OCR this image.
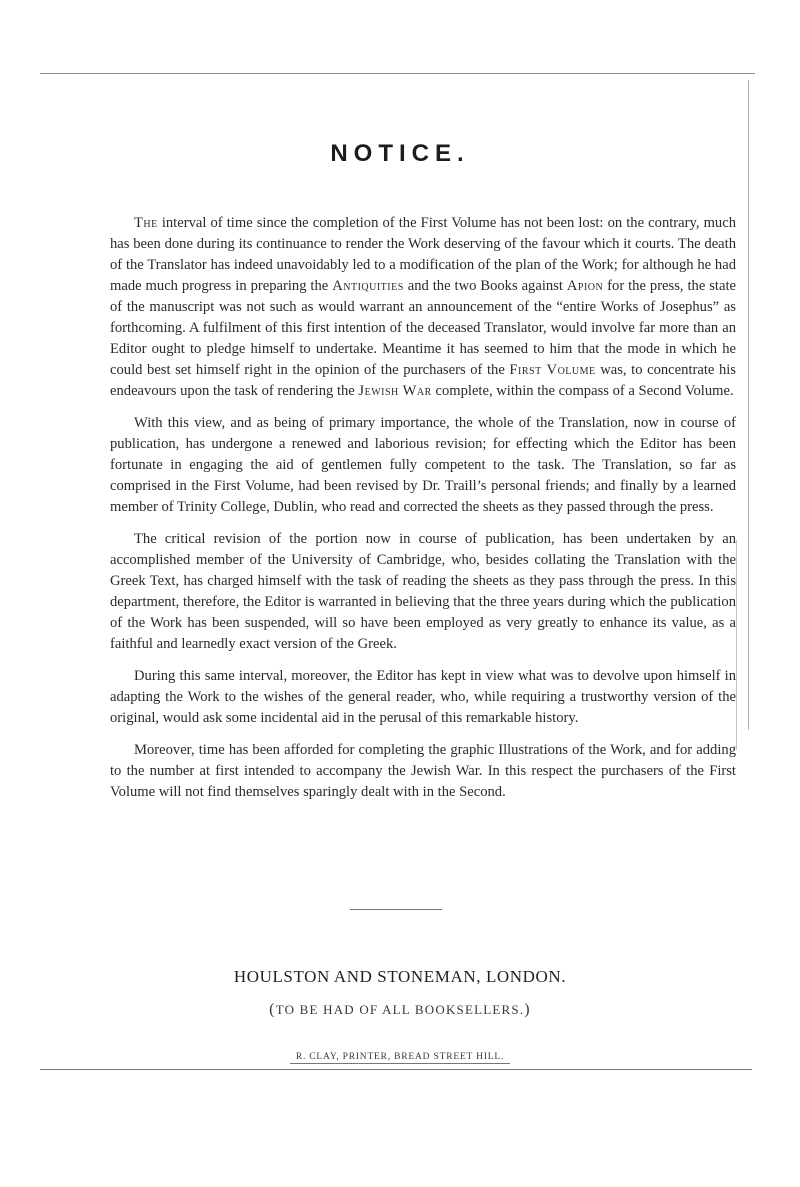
NOTICE.

The interval of time since the completion of the First Volume has not been lost: on the contrary, much has been done during its continuance to render the Work deserving of the favour which it courts. The death of the Translator has indeed unavoidably led to a modification of the plan of the Work; for although he had made much progress in preparing the Antiquities and the two Books against Apion for the press, the state of the manuscript was not such as would warrant an announcement of the “entire Works of Josephus” as forthcoming. A fulfilment of this first intention of the deceased Translator, would involve far more than an Editor ought to pledge himself to undertake. Meantime it has seemed to him that the mode in which he could best set himself right in the opinion of the purchasers of the First Volume was, to concentrate his endeavours upon the task of rendering the Jewish War complete, within the compass of a Second Volume.

With this view, and as being of primary importance, the whole of the Translation, now in course of publication, has undergone a renewed and laborious revision; for effecting which the Editor has been fortunate in engaging the aid of gentlemen fully competent to the task. The Translation, so far as comprised in the First Volume, had been revised by Dr. Traill’s personal friends; and finally by a learned member of Trinity College, Dublin, who read and corrected the sheets as they passed through the press.

The critical revision of the portion now in course of publication, has been undertaken by an accomplished member of the University of Cambridge, who, besides collating the Translation with the Greek Text, has charged himself with the task of reading the sheets as they pass through the press. In this department, therefore, the Editor is warranted in believing that the three years during which the publication of the Work has been suspended, will so have been employed as very greatly to enhance its value, as a faithful and learnedly exact version of the Greek.

During this same interval, moreover, the Editor has kept in view what was to devolve upon himself in adapting the Work to the wishes of the general reader, who, while requiring a trustworthy version of the original, would ask some incidental aid in the perusal of this remarkable history.

Moreover, time has been afforded for completing the graphic Illustrations of the Work, and for adding to the number at first intended to accompany the Jewish War. In this respect the purchasers of the First Volume will not find themselves sparingly dealt with in the Second.

HOULSTON AND STONEMAN, LONDON.
(TO BE HAD OF ALL BOOKSELLERS.)
R. CLAY, PRINTER, BREAD STREET HILL.
